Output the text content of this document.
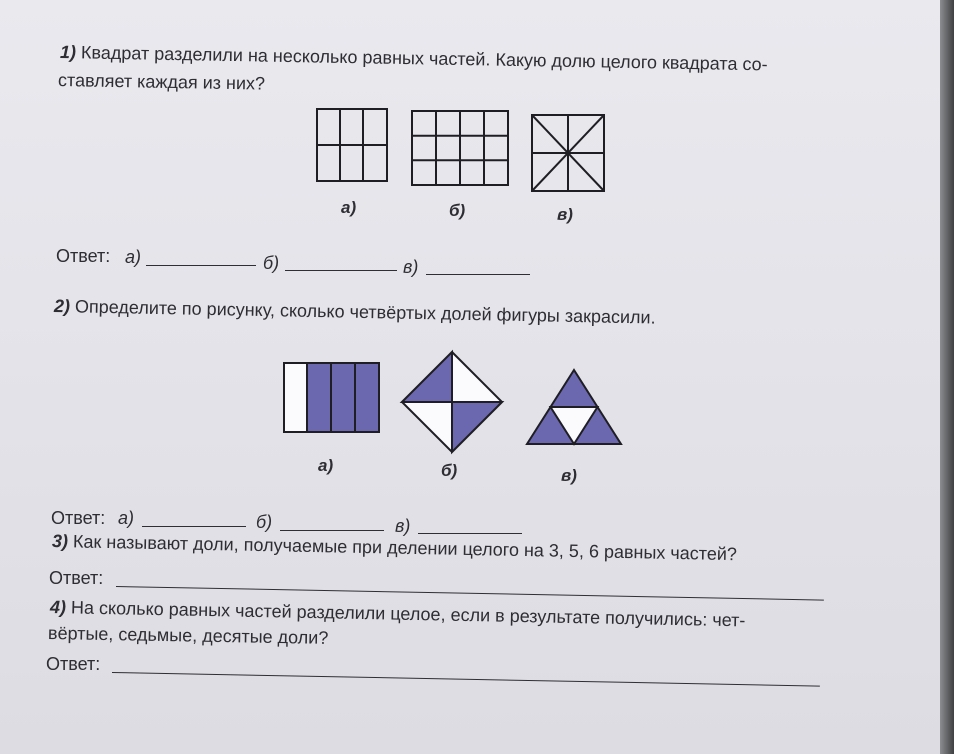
1) Квадрат разделили на несколько равных частей. Какую долю целого квадрата со-
ставляет каждая из них?
а)	б)	в)
Ответ: а)	б)	в)
2) Определите по рисунку, сколько четвёртых долей фигуры закрасили.
а)	б)	в)
Ответ: а)	б)	в)
3) Как называют доли, получаемые при делении целого на 3, 5, 6 равных частей?
Ответ:
4) На сколько равных частей разделили целое, если в результате получились: чет-
вёртые, седьмые, десятые доли?
Ответ:
